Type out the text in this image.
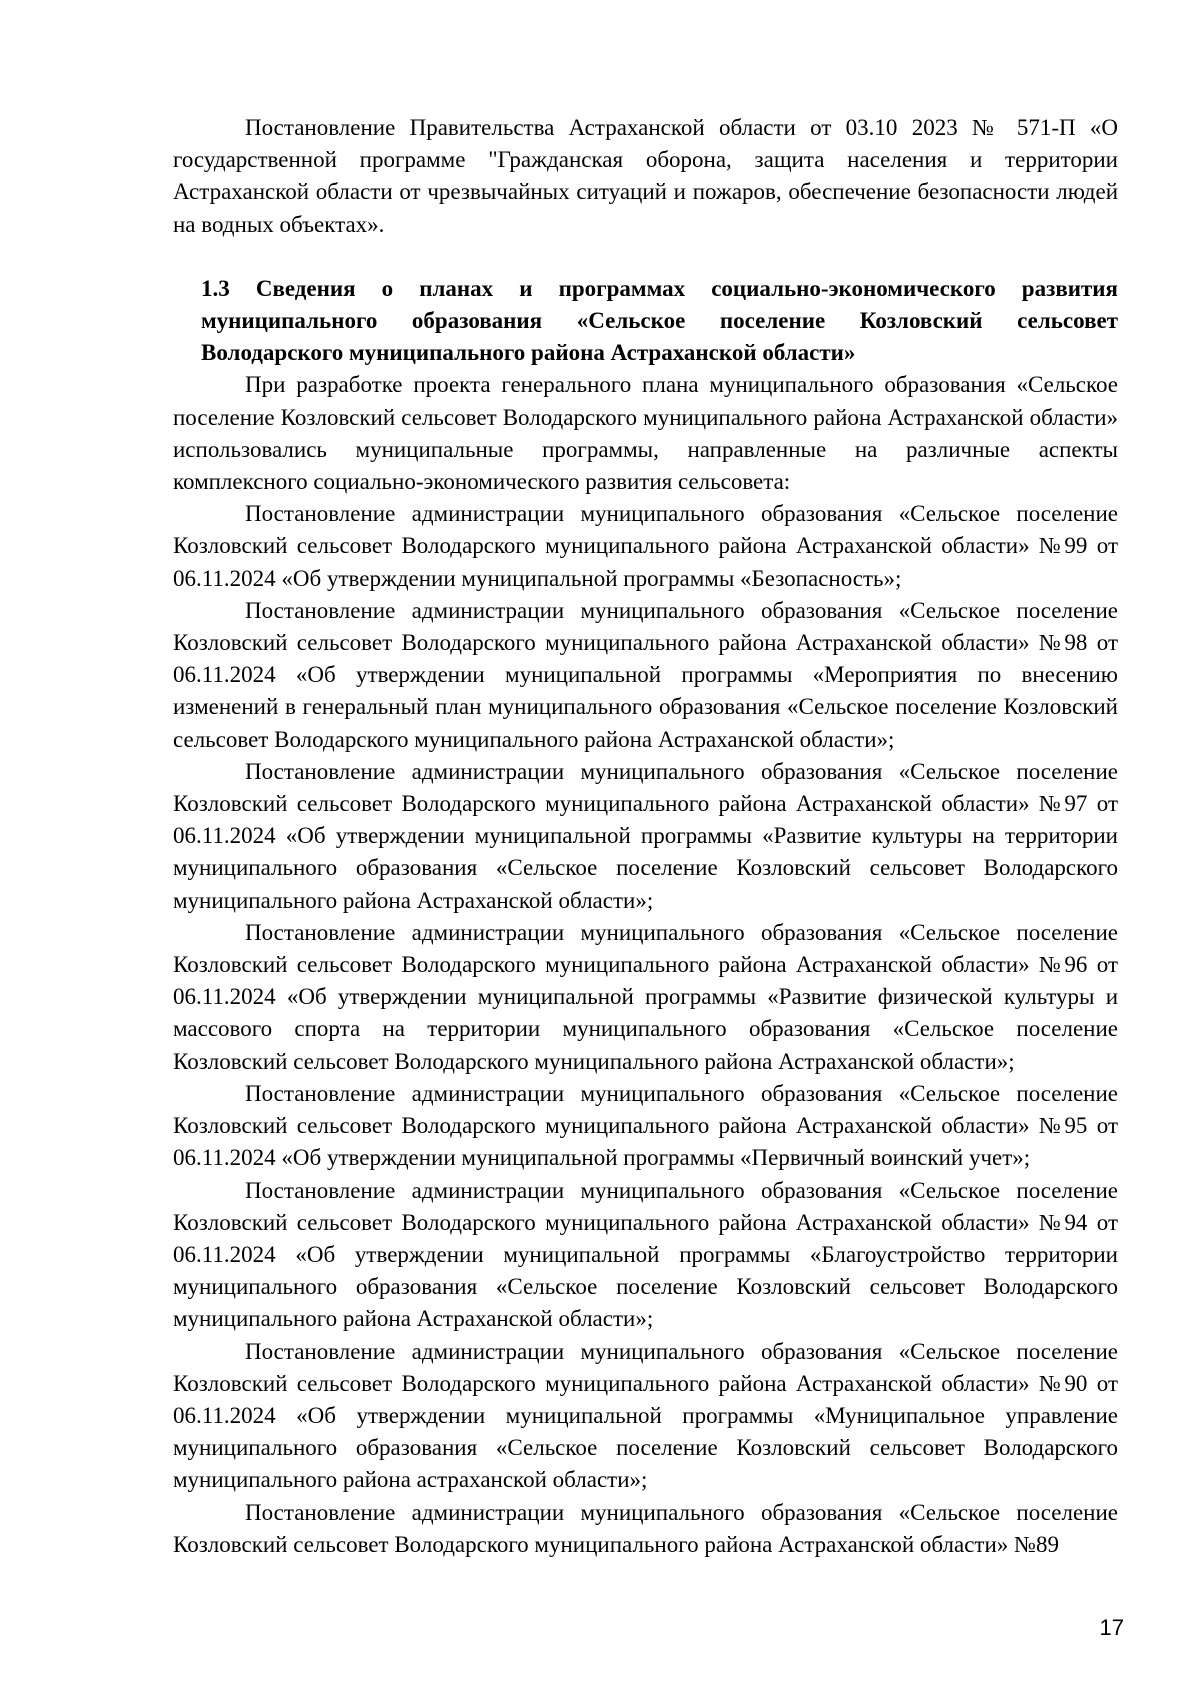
Постановление Правительства Астраханской области от 03.10 2023 № 571-П «О государственной программе "Гражданская оборона, защита населения и территории Астраханской области от чрезвычайных ситуаций и пожаров, обеспечение безопасности людей на водных объектах».

1.3 Сведения о планах и программах социально-экономического развития муниципального образования «Сельское поселение Козловский сельсовет Володарского муниципального района Астраханской области»

При разработке проекта генерального плана муниципального образования «Сельское поселение Козловский сельсовет Володарского муниципального района Астраханской области» использовались муниципальные программы, направленные на различные аспекты комплексного социально-экономического развития сельсовета:

Постановление администрации муниципального образования «Сельское поселение Козловский сельсовет Володарского муниципального района Астраханской области» №99 от 06.11.2024 «Об утверждении муниципальной программы «Безопасность»;

Постановление администрации муниципального образования «Сельское поселение Козловский сельсовет Володарского муниципального района Астраханской области» №98 от 06.11.2024 «Об утверждении муниципальной программы «Мероприятия по внесению изменений в генеральный план муниципального образования «Сельское поселение Козловский сельсовет Володарского муниципального района Астраханской области»;

Постановление администрации муниципального образования «Сельское поселение Козловский сельсовет Володарского муниципального района Астраханской области» №97 от 06.11.2024 «Об утверждении муниципальной программы «Развитие культуры на территории муниципального образования «Сельское поселение Козловский сельсовет Володарского муниципального района Астраханской области»;

Постановление администрации муниципального образования «Сельское поселение Козловский сельсовет Володарского муниципального района Астраханской области» №96 от 06.11.2024 «Об утверждении муниципальной программы «Развитие физической культуры и массового спорта на территории муниципального образования «Сельское поселение Козловский сельсовет Володарского муниципального района Астраханской области»;

Постановление администрации муниципального образования «Сельское поселение Козловский сельсовет Володарского муниципального района Астраханской области» №95 от 06.11.2024 «Об утверждении муниципальной программы «Первичный воинский учет»;

Постановление администрации муниципального образования «Сельское поселение Козловский сельсовет Володарского муниципального района Астраханской области» №94 от 06.11.2024 «Об утверждении муниципальной программы «Благоустройство территории муниципального образования «Сельское поселение Козловский сельсовет Володарского муниципального района Астраханской области»;

Постановление администрации муниципального образования «Сельское поселение Козловский сельсовет Володарского муниципального района Астраханской области» №90 от 06.11.2024 «Об утверждении муниципальной программы «Муниципальное управление муниципального образования «Сельское поселение Козловский сельсовет Володарского муниципального района астраханской области»;

Постановление администрации муниципального образования «Сельское поселение Козловский сельсовет Володарского муниципального района Астраханской области» №89

17
